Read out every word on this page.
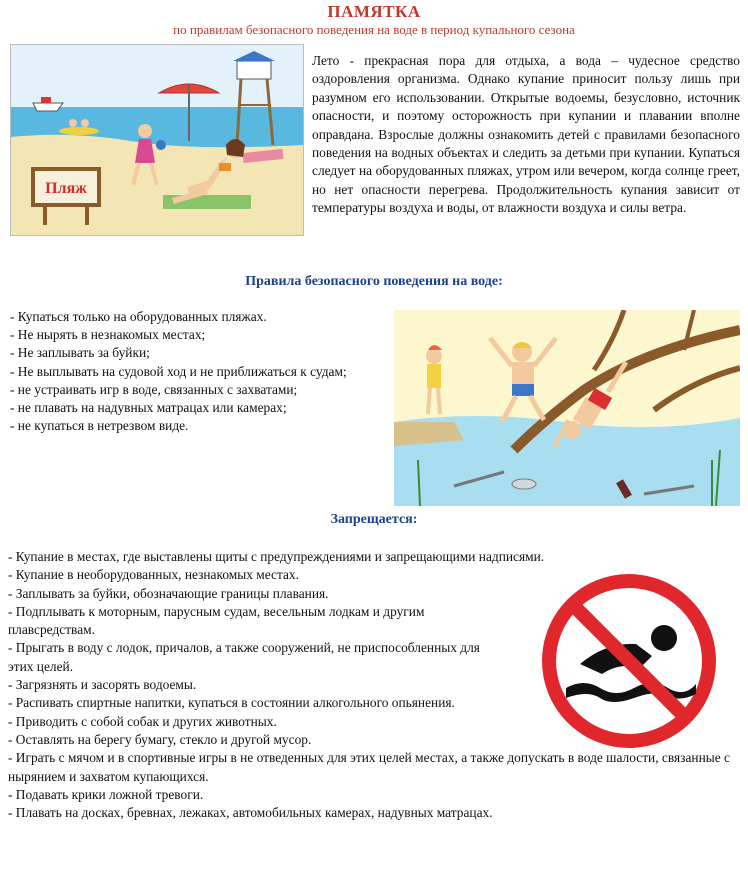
ПАМЯТКА
по правилам безопасного поведения на воде в период купального сезона
Пляж
Лето - прекрасная пора для отдыха, а вода – чудесное средство оздоровления организма. Однако купание приносит пользу лишь при разумном его использовании. Открытые водоемы, безусловно, источник опасности, и поэтому осторожность при купании и плавании вполне оправдана. Взрослые должны ознакомить детей с правилами безопасного поведения на водных объектах и следить за детьми при купании. Купаться следует на оборудованных пляжах, утром или вечером, когда солнце греет, но нет опасности перегрева. Продолжительность купания зависит от температуры воздуха и воды, от влажности воздуха и силы ветра.
Правила безопасного поведения на воде:
- Купаться только на оборудованных пляжах.
- Не нырять в незнакомых местах;
- Не заплывать за буйки;
- Не выплывать на судовой ход и не приближаться к судам;
- не устраивать игр в воде, связанных с захватами;
- не плавать на надувных матрацах или камерах;
- не купаться в нетрезвом виде.
Запрещается:
- Купание в местах, где выставлены щиты с предупреждениями и запрещающими надписями.
- Купание в необорудованных, незнакомых местах.
- Заплывать за буйки, обозначающие границы плавания.
- Подплывать к моторным, парусным судам, весельным лодкам и другим плавсредствам.
- Прыгать в воду с лодок, причалов, а также сооружений, не приспособленных для этих целей.
- Загрязнять и засорять водоемы.
- Распивать спиртные напитки, купаться в состоянии алкогольного опьянения.
- Приводить с собой собак и других животных.
- Оставлять на берегу бумагу, стекло и другой мусор.
- Играть с мячом и в спортивные игры в не отведенных для этих целей местах, а также допускать в воде шалости, связанные с нырянием и захватом купающихся.
- Подавать крики ложной тревоги.
- Плавать на досках, бревнах, лежаках, автомобильных камерах, надувных матрацах.
